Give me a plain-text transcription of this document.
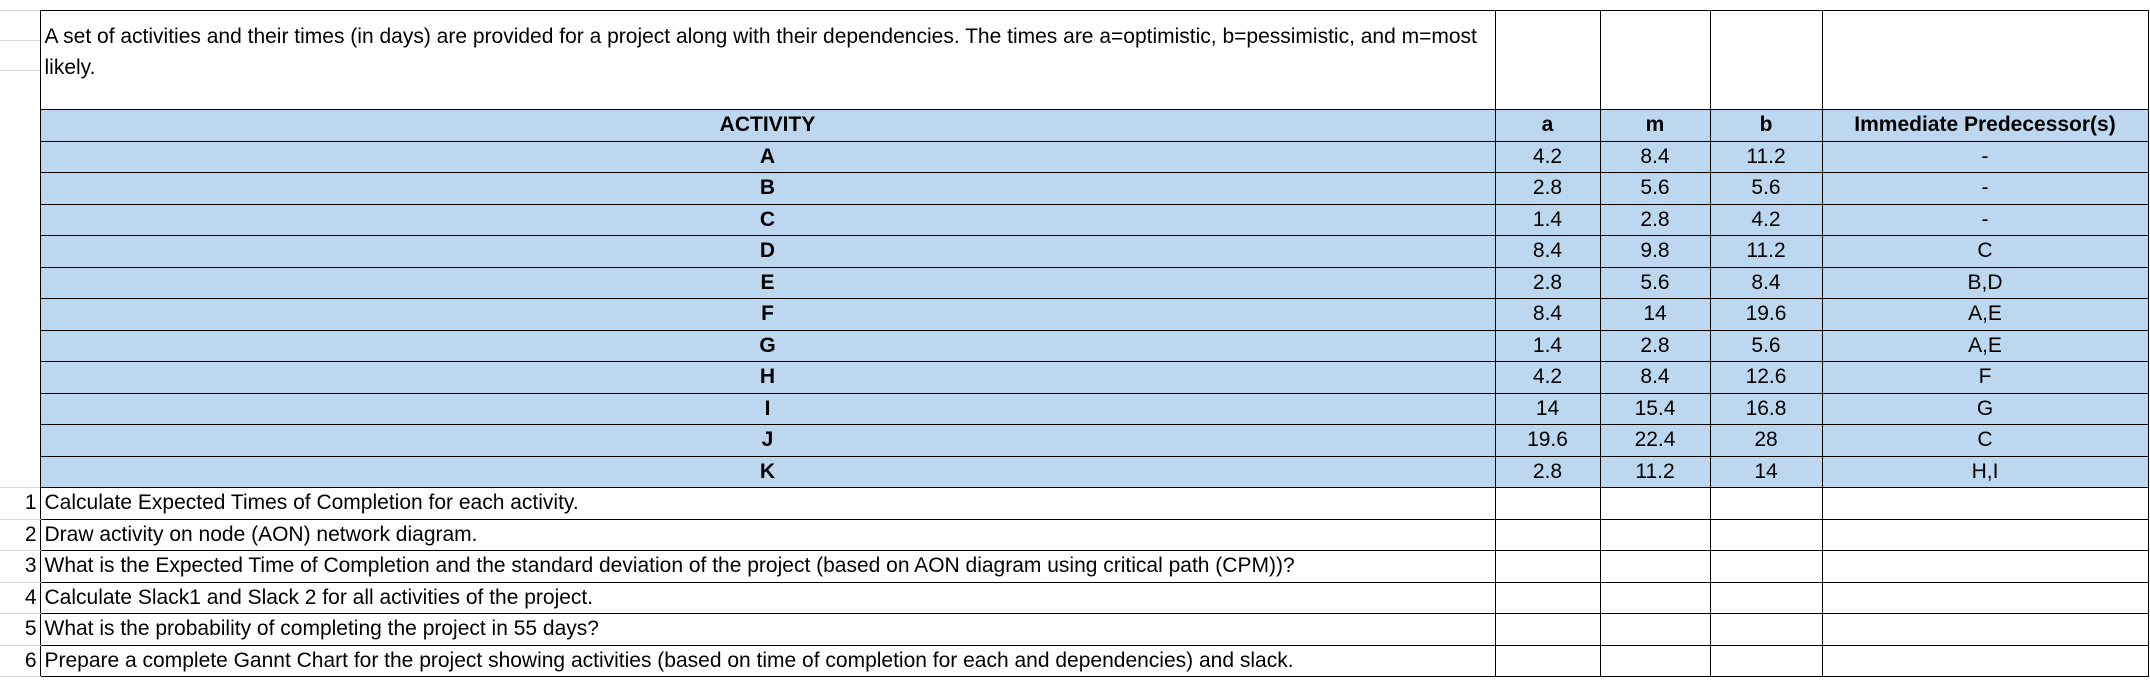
	A set of activities and their times (in days) are provided for a project along with their dependencies. The times are a=optimistic, b=pessimistic, and m=most likely.				
	ACTIVITY	a	m	b	Immediate Predecessor(s)
	A	4.2	8.4	11.2	-
	B	2.8	5.6	5.6	-
	C	1.4	2.8	4.2	-
	D	8.4	9.8	11.2	C
	E	2.8	5.6	8.4	B,D
	F	8.4	14	19.6	A,E
	G	1.4	2.8	5.6	A,E
	H	4.2	8.4	12.6	F
	I	14	15.4	16.8	G
	J	19.6	22.4	28	C
	K	2.8	11.2	14	H,I
1	Calculate Expected Times of Completion for each activity.				
2	Draw activity on node (AON) network diagram.				
3	What is the Expected Time of Completion and the standard deviation of the project (based on AON diagram using critical path (CPM))?				
4	Calculate Slack1 and Slack 2 for all activities of the project.				
5	What is the probability of completing the project in 55 days?				
6	Prepare a complete Gannt Chart for the project showing activities (based on time of completion for each and dependencies) and slack.				
